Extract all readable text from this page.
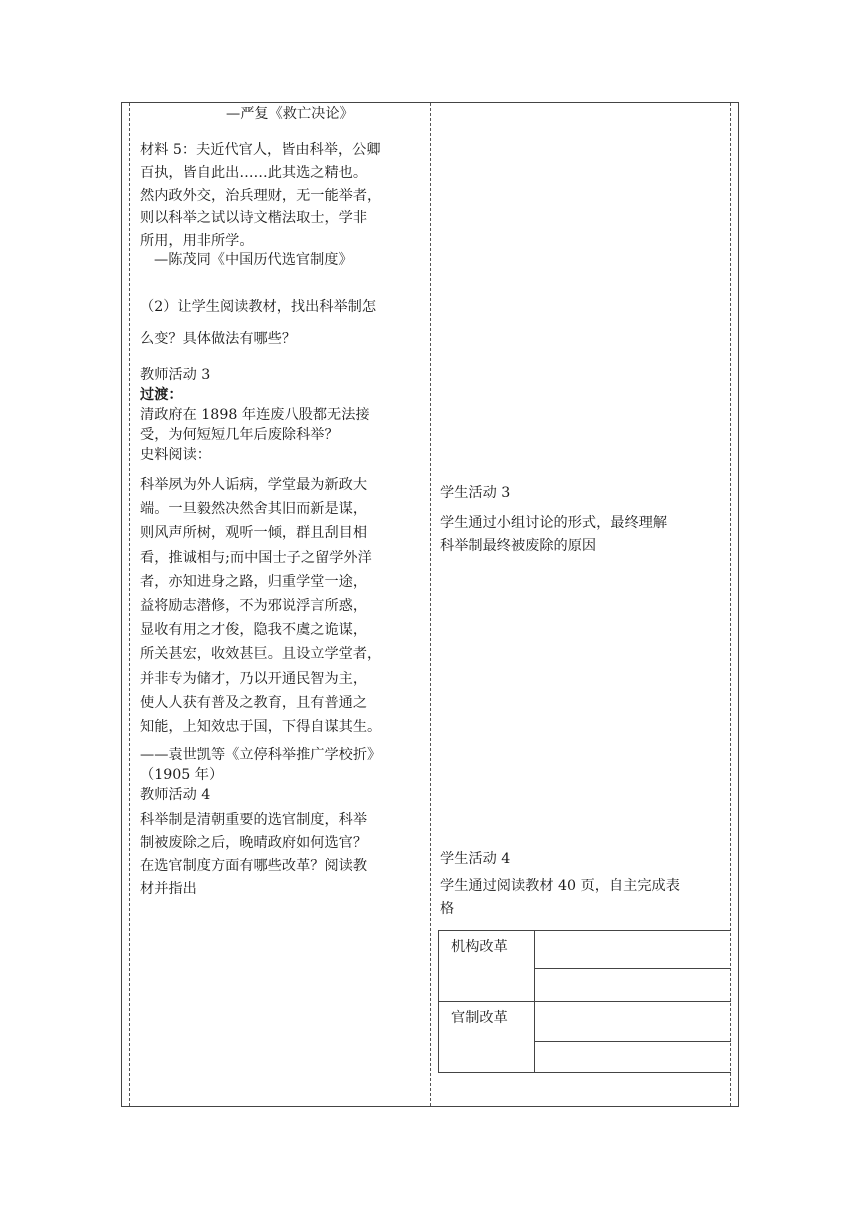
—严复《救亡决论》

材料 5：夫近代官人，皆由科举，公卿

百执，皆自此出……此其选之精也。

然内政外交，治兵理财，无一能举者，

则以科举之试以诗文楷法取士，学非

所用，用非所学。

—陈茂同《中国历代选官制度》

（2）让学生阅读教材，找出科举制怎

么变？具体做法有哪些？

教师活动 3

过渡：

清政府在 1898 年连废八股都无法接

受，为何短短几年后废除科举？

史料阅读：

科举夙为外人诟病，学堂最为新政大

端。一旦毅然决然舍其旧而新是谋，

则风声所树，观听一倾，群且刮目相

看，推诚相与;而中国士子之留学外洋

者，亦知进身之路，归重学堂一途，

益将励志潜修，不为邪说浮言所惑，

显收有用之才俊，隐我不虞之诡谋，

所关甚宏，收效甚巨。且设立学堂者，

并非专为储才，乃以开通民智为主，

使人人获有普及之教育，且有普通之

知能，上知效忠于国，下得自谋其生。

——袁世凯等《立停科举推广学校折》

（1905 年）

教师活动 4

科举制是清朝重要的选官制度，科举

制被废除之后，晚晴政府如何选官？

在选官制度方面有哪些改革？阅读教

材并指出

学生活动 3

学生通过小组讨论的形式，最终理解

科举制最终被废除的原因

学生活动 4

学生通过阅读教材 40 页，自主完成表

格

机构改革
官制改革
